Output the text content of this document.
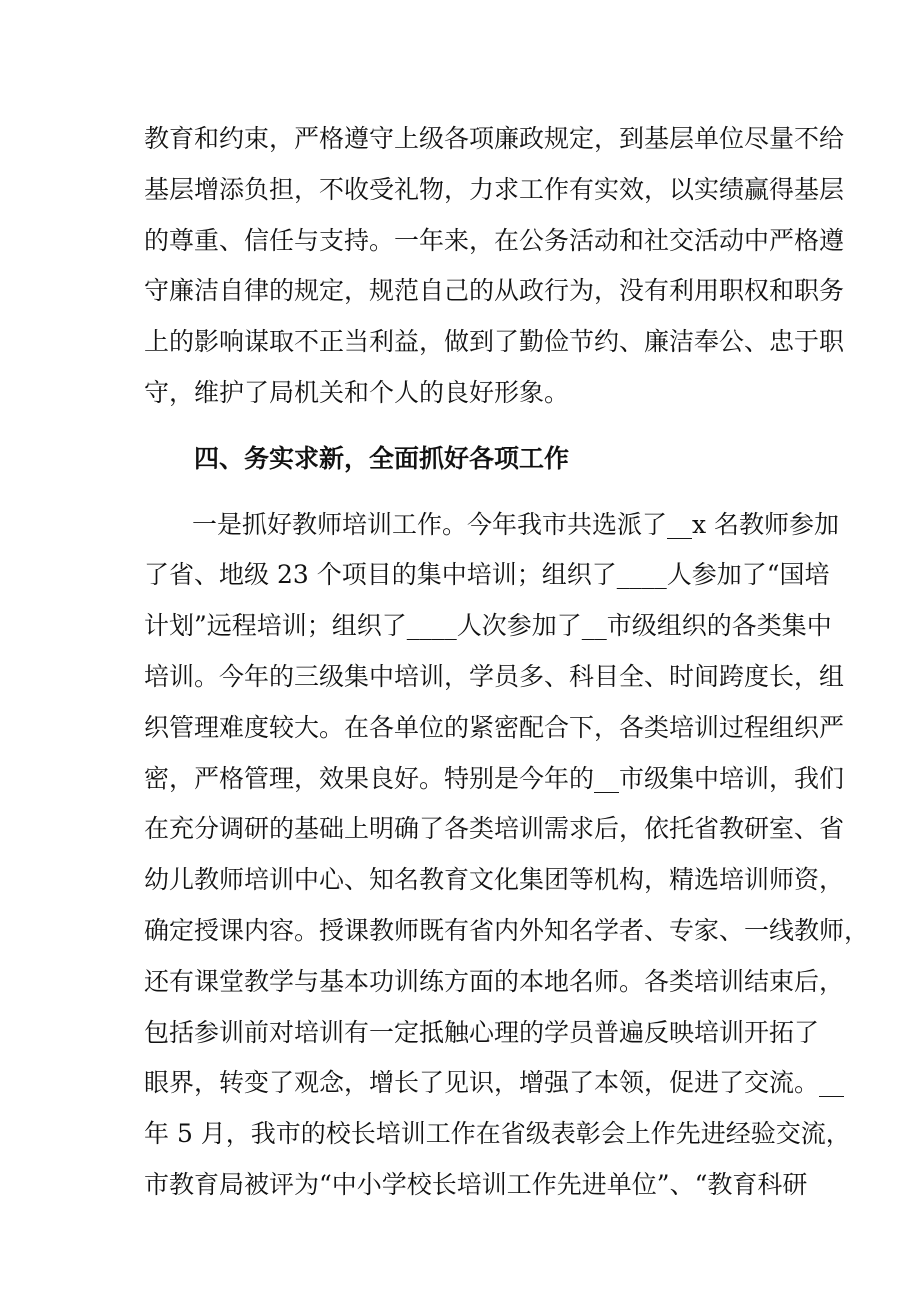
教育和约束，严格遵守上级各项廉政规定，到基层单位尽量不给
基层增添负担，不收受礼物，力求工作有实效，以实绩赢得基层
的尊重、信任与支持。一年来，在公务活动和社交活动中严格遵
守廉洁自律的规定，规范自己的从政行为，没有利用职权和职务
上的影响谋取不正当利益，做到了勤俭节约、廉洁奉公、忠于职
守，维护了局机关和个人的良好形象。
四、务实求新，全面抓好各项工作
一是抓好教师培训工作。今年我市共选派了__x 名教师参加
了省、地级 23 个项目的集中培训；组织了____人参加了“国培
计划”远程培训；组织了____人次参加了__市级组织的各类集中
培训。今年的三级集中培训，学员多、科目全、时间跨度长，组
织管理难度较大。在各单位的紧密配合下，各类培训过程组织严
密，严格管理，效果良好。特别是今年的__市级集中培训，我们
在充分调研的基础上明确了各类培训需求后，依托省教研室、省
幼儿教师培训中心、知名教育文化集团等机构，精选培训师资，
确定授课内容。授课教师既有省内外知名学者、专家、一线教师，
还有课堂教学与基本功训练方面的本地名师。各类培训结束后，
包括参训前对培训有一定抵触心理的学员普遍反映培训开拓了
眼界，转变了观念，增长了见识，增强了本领，促进了交流。__
年 5 月，我市的校长培训工作在省级表彰会上作先进经验交流，
市教育局被评为“中小学校长培训工作先进单位”、“教育科研
